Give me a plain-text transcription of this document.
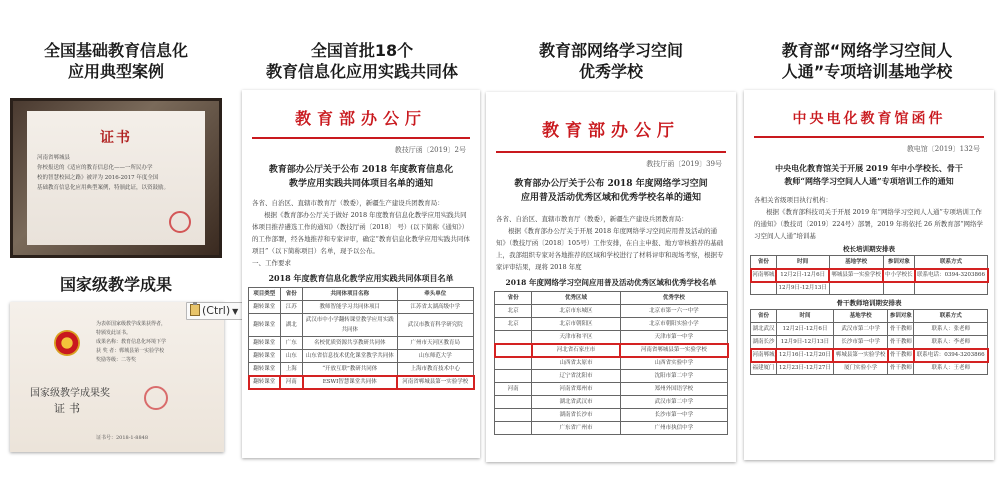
全国基础教育信息化
应用典型案例
全国首批18个
教育信息化应用实践共同体
教育部网络学习空间
优秀学校
教育部“网络学习空间人
人通”专项培训基地学校
国家级教学成果
证书
河南省郸城县
你校报送的《适应的教育信息化——一所民办学
校的智慧校园之路》被评为 2016-2017 年度全国
基础教育信息化应用典型案例，特颁此证，以资鼓励。
为表彰国家级教学成果获得者，
特颁发此证书。
成果名称：教育信息化环境下学
获 奖 者：郸城县第一实验学校
奖励等级：二等奖
国家级教学成果奖
证书
证书号：2018-1-8848
(Ctrl) ▼
教育部办公厅
教技厅函〔2019〕2号
教育部办公厅关于公布 2018 年度教育信息化
教学应用实践共同体项目名单的通知

各省、自治区、直辖市教育厅（教委），新疆生产建设兵团教育局：

根据《教育部办公厅关于做好 2018 年度教育信息化教学应用实践共同体项目推荐遴选工作的通知》（教技厅函〔2018〕 号）(以下简称《通知》）的工作部署，经各地推荐和专家评审，确定“教育信息化教学应用实践共同体项目”（以下简称项目）名单，现予以公布。

一、工作要求

2018 年度教育信息化教学应用实践共同体项目名单
项目类型	省份	共同体项目名称	牵头单位
翻转课堂	江苏	教师智能学习共同体项目	江苏省太湖高级中学
翻转课堂	湖北	武汉市中小学翻转课堂教学应用实践共同体	武汉市教育科学研究院
翻转课堂	广东	名校优质资源共享教研共同体	广州市天河区教育局
翻转课堂	山东	山东省信息技术优化课堂教学共同体	山东师范大学
翻转课堂	上海	“开放互联”教研共同体	上海市教育技术中心
翻转课堂	河南	ESWI智慧课堂共同体	河南省郸城县第一实验学校
教育部办公厅
教技厅函〔2019〕39号
教育部办公厅关于公布 2018 年度网络学习空间
应用普及活动优秀区域和优秀学校名单的通知

各省、自治区、直辖市教育厅（教委），新疆生产建设兵团教育局：

根据《教育部办公厅关于开展 2018 年度网络学习空间应用普及活动的通知》（教技厅函〔2018〕105号）工作安排，在自主申报、地方审核推荐的基础上，我部组织专家对各地推荐的区域和学校进行了材料评审和现场考察，根据专家评审结果，现将 2018 年度

2018 年度网络学习空间应用普及活动优秀区域和优秀学校名单
省份	优秀区域	优秀学校
北京	北京市东城区	北京市第一六一中学
北京	北京市朝阳区	北京市朝阳实验小学
	天津市和平区	天津市第一中学
	河北省石家庄市	河南省郸城县第一实验学校
	山西省太原市	山西省实验中学
	辽宁省沈阳市	沈阳市第二中学
河南	河南省郑州市	郑州外国语学校
	湖北省武汉市	武汉市第二中学
	湖南省长沙市	长沙市第一中学
	广东省广州市	广州市执信中学
中央电化教育馆函件
教电馆〔2019〕132号
中央电化教育馆关于开展 2019 年中小学校长、骨干
教师“网络学习空间人人通”专项培训工作的通知

各相关省级项目执行机构：

根据《教育部科技司关于开展 2019 年“网络学习空间人人通”专项培训工作的通知》（教技司〔2019〕224号）部署，2019 年将依托 26 所教育部“网络学习空间人人通”培训基

校长培训期安排表
省份	时间	基地学校	参训对象	联系方式
河南郸城	12月2日-12月6日	郸城县第一实验学校	中小学校长	联系电话：0394-3203866
	12月9日-12月13日			
骨干教师培训期安排表
省份	时间	基地学校	参训对象	联系方式
湖北武汉	12月2日-12月6日	武汉市第二中学	骨干教师	联系人：张老师
湖南长沙	12月9日-12月13日	长沙市第一中学	骨干教师	联系人：李老师
河南郸城	12月16日-12月20日	郸城县第一实验学校	骨干教师	联系电话：0394-3203866
福建厦门	12月23日-12月27日	厦门实验小学	骨干教师	联系人：王老师
